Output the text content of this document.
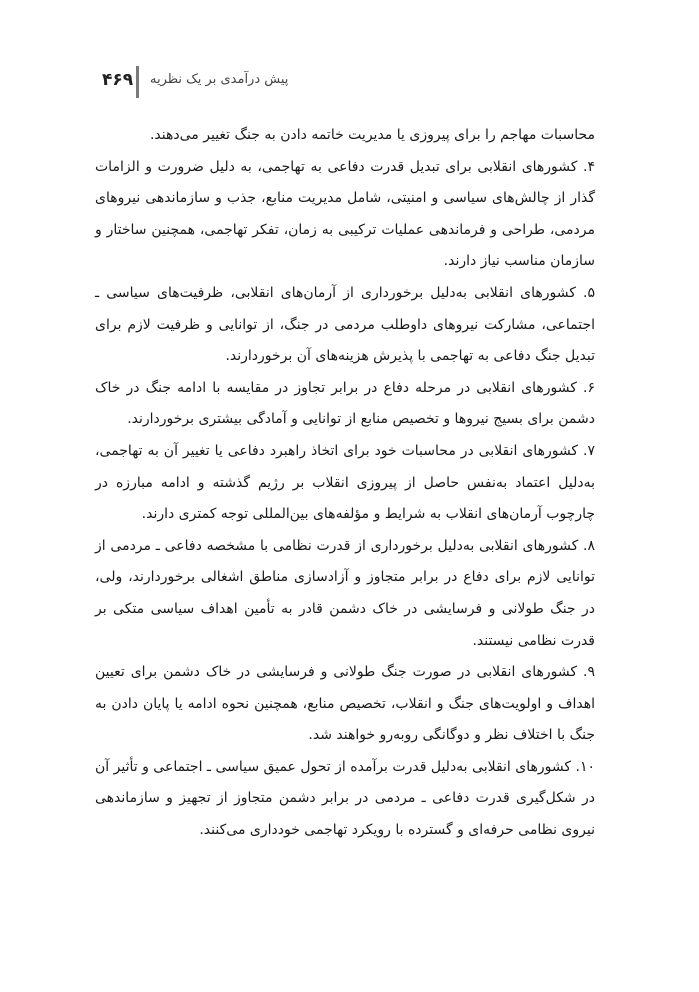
۴۶۹ پیش درآمدی بر یک نظریه

محاسبات مهاجم را برای پیروزی یا مدیریت خاتمه دادن به جنگ تغییر می‌دهند.

۴. کشورهای انقلابی برای تبدیل قدرت دفاعی به تهاجمی، به دلیل ضرورت و الزامات گذار از چالش‌های سیاسی و امنیتی، شامل مدیریت منابع، جذب و سازماندهی نیروهای مردمی، طراحی و فرماندهی عملیات ترکیبی به زمان، تفکر تهاجمی، همچنین ساختار و سازمان مناسب نیاز دارند.

۵. کشورهای انقلابی به‌دلیل برخورداری از آرمان‌های انقلابی، ظرفیت‌های سیاسی ـ اجتماعی، مشارکت نیروهای داوطلب مردمی در جنگ، از توانایی و ظرفیت لازم برای تبدیل جنگ دفاعی به تهاجمی با پذیرش هزینه‌های آن برخوردارند.

۶. کشورهای انقلابی در مرحله دفاع در برابر تجاوز در مقایسه با ادامه جنگ در خاک دشمن برای بسیج نیروها و تخصیص منابع از توانایی و آمادگی بیشتری برخوردارند.

۷. کشورهای انقلابی در محاسبات خود برای اتخاذ راهبرد دفاعی یا تغییر آن به تهاجمی، به‌دلیل اعتماد به‌نفس حاصل از پیروزی انقلاب بر رژیم گذشته و ادامه مبارزه در چارچوب آرمان‌های انقلاب به شرایط و مؤلفه‌های بین‌المللی توجه کمتری دارند.

۸. کشورهای انقلابی به‌دلیل برخورداری از قدرت نظامی با مشخصه دفاعی ـ مردمی از توانایی لازم برای دفاع در برابر متجاوز و آزادسازی مناطق اشغالی برخوردارند، ولی، در جنگ طولانی و فرسایشی در خاک دشمن قادر به تأمین اهداف سیاسی متکی بر قدرت نظامی نیستند.

۹. کشورهای انقلابی در صورت جنگ طولانی و فرسایشی در خاک دشمن برای تعیین اهداف و اولویت‌های جنگ و انقلاب، تخصیص منابع، همچنین نحوه ادامه یا پایان دادن به جنگ با اختلاف نظر و دوگانگی روبه‌رو خواهند شد.

۱۰. کشورهای انقلابی به‌دلیل قدرت برآمده از تحول عمیق سیاسی ـ اجتماعی و تأثیر آن در شکل‌گیری قدرت دفاعی ـ مردمی در برابر دشمن متجاوز از تجهیز و سازماندهی نیروی نظامی حرفه‌ای و گسترده با رویکرد تهاجمی خودداری می‌کنند.
